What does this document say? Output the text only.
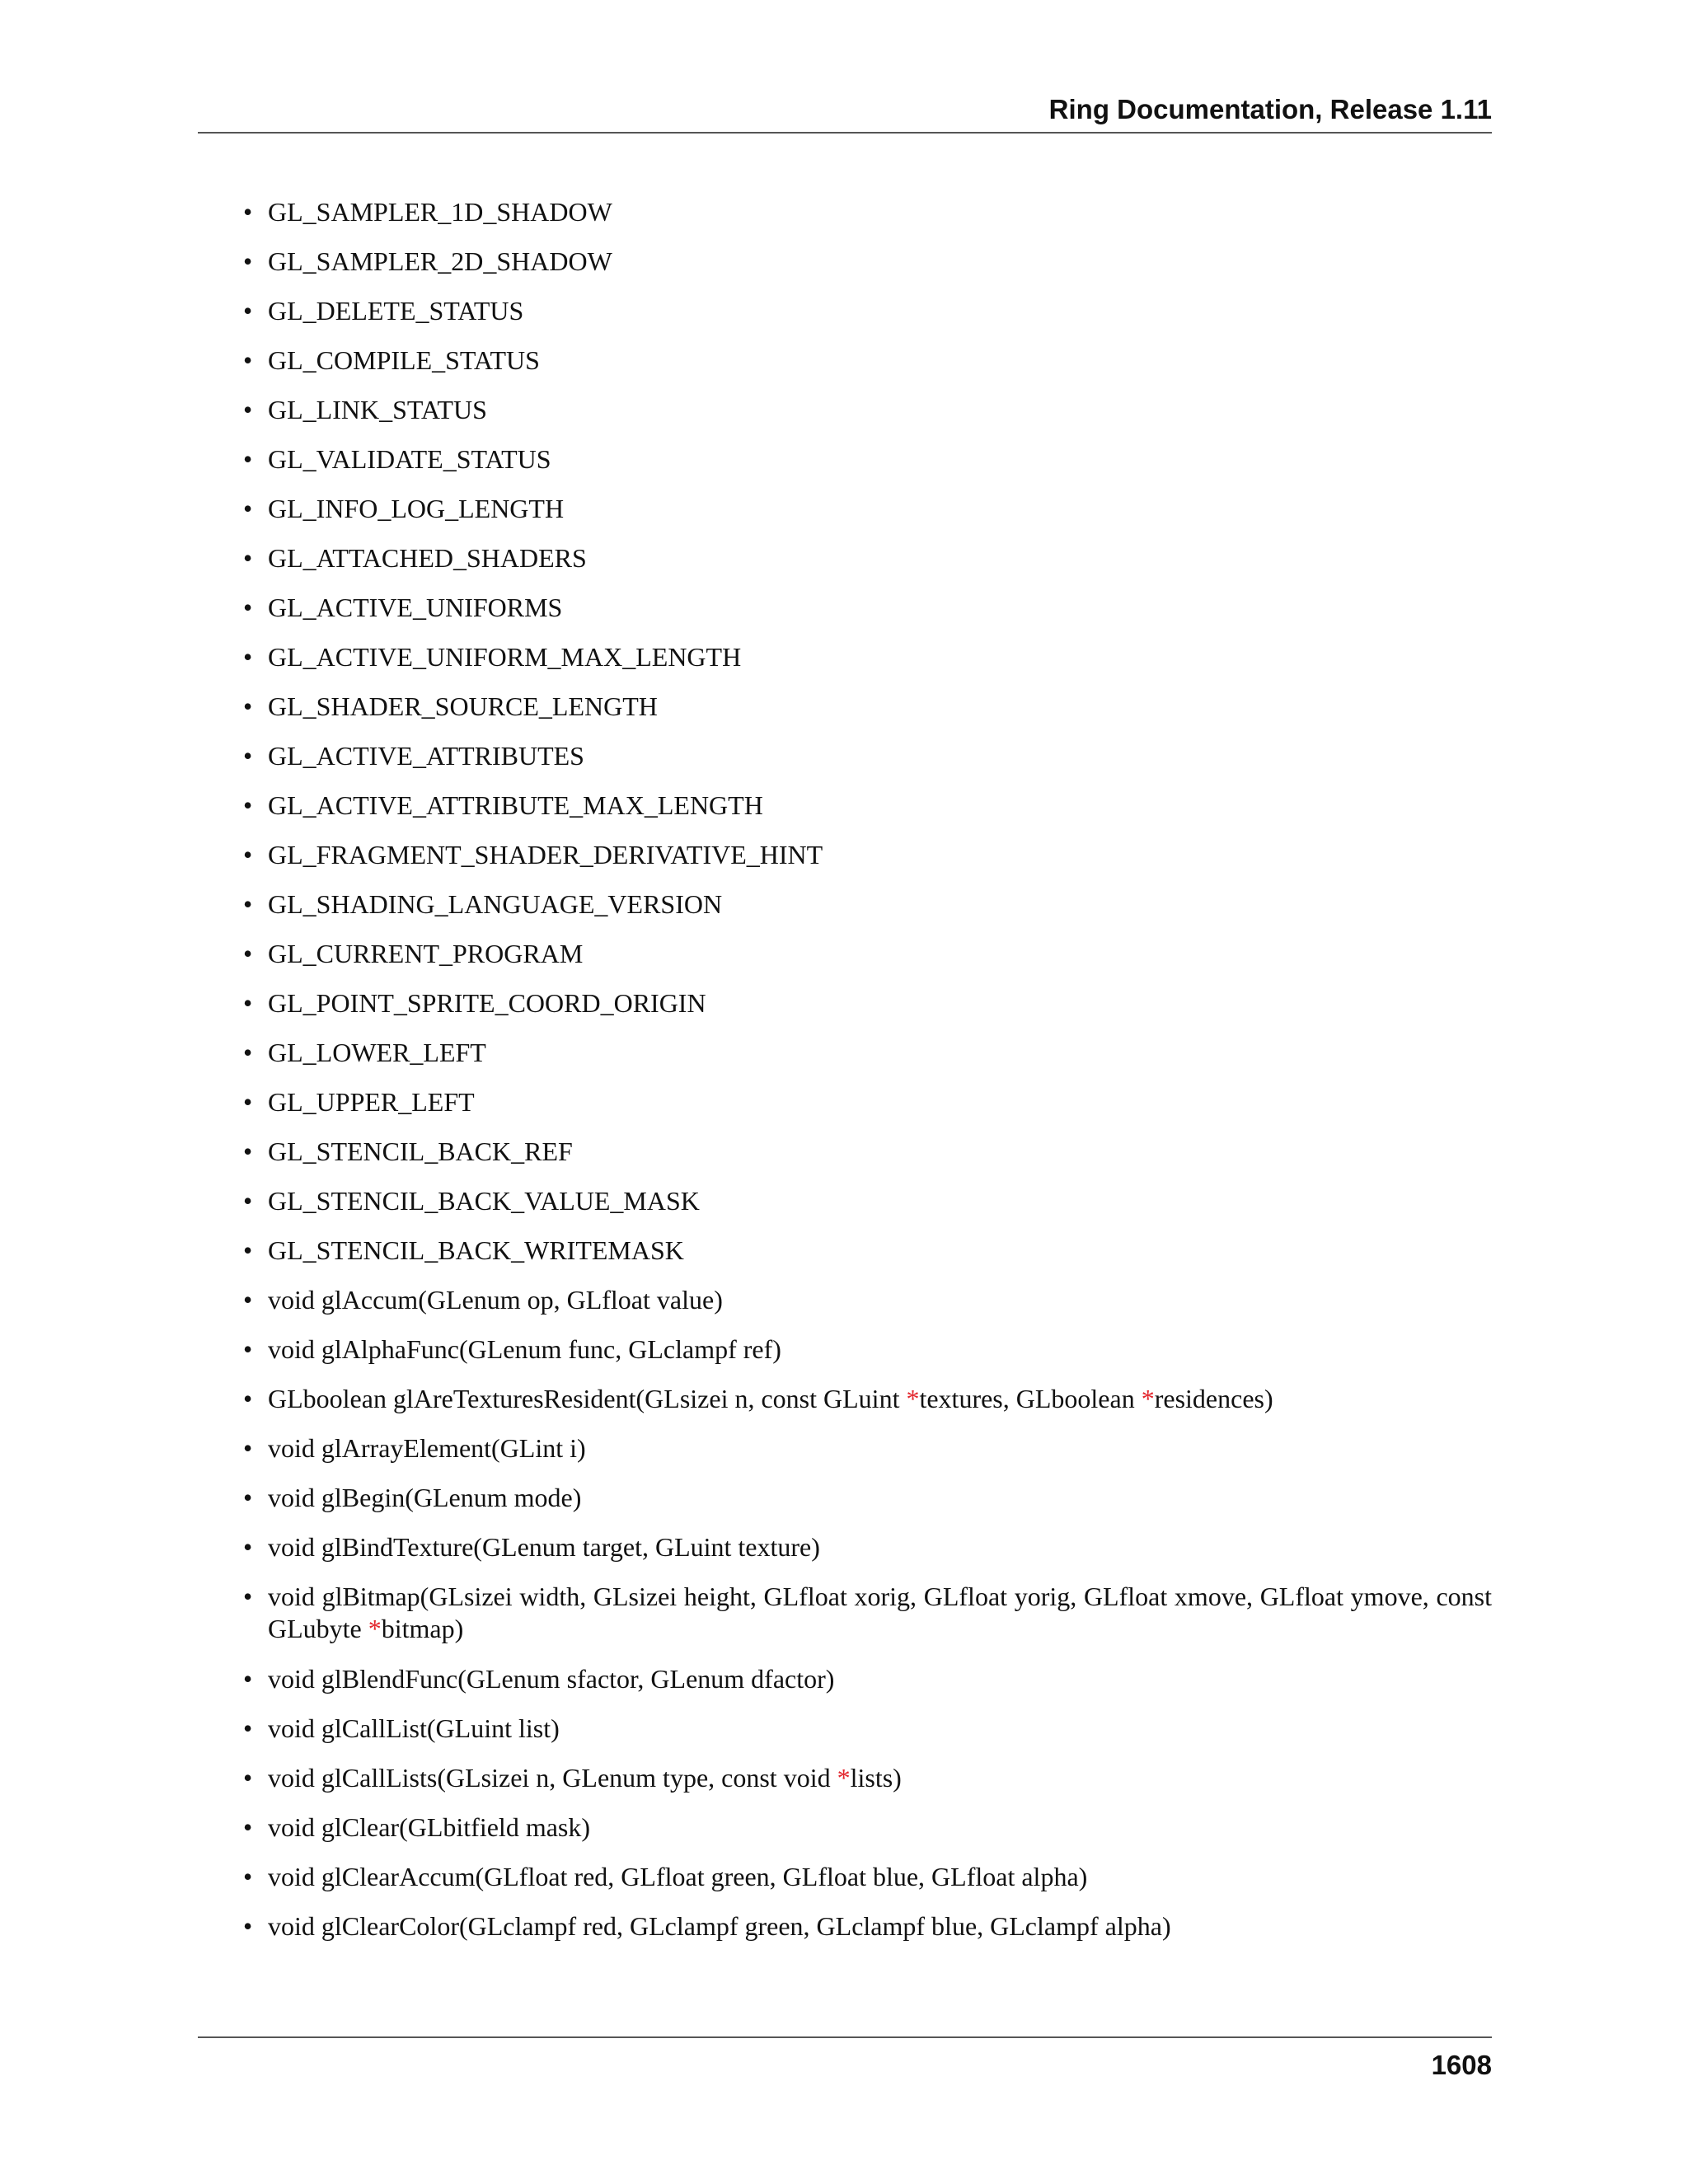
Ring Documentation, Release 1.11
• GL_SAMPLER_1D_SHADOW
• GL_SAMPLER_2D_SHADOW
• GL_DELETE_STATUS
• GL_COMPILE_STATUS
• GL_LINK_STATUS
• GL_VALIDATE_STATUS
• GL_INFO_LOG_LENGTH
• GL_ATTACHED_SHADERS
• GL_ACTIVE_UNIFORMS
• GL_ACTIVE_UNIFORM_MAX_LENGTH
• GL_SHADER_SOURCE_LENGTH
• GL_ACTIVE_ATTRIBUTES
• GL_ACTIVE_ATTRIBUTE_MAX_LENGTH
• GL_FRAGMENT_SHADER_DERIVATIVE_HINT
• GL_SHADING_LANGUAGE_VERSION
• GL_CURRENT_PROGRAM
• GL_POINT_SPRITE_COORD_ORIGIN
• GL_LOWER_LEFT
• GL_UPPER_LEFT
• GL_STENCIL_BACK_REF
• GL_STENCIL_BACK_VALUE_MASK
• GL_STENCIL_BACK_WRITEMASK
• void glAccum(GLenum op, GLfloat value)
• void glAlphaFunc(GLenum func, GLclampf ref)
• GLboolean glAreTexturesResident(GLsizei n, const GLuint *textures, GLboolean *residences)
• void glArrayElement(GLint i)
• void glBegin(GLenum mode)
• void glBindTexture(GLenum target, GLuint texture)
• void glBitmap(GLsizei width, GLsizei height, GLfloat xorig, GLfloat yorig, GLfloat xmove, GLfloat ymove, const GLubyte *bitmap)
• void glBlendFunc(GLenum sfactor, GLenum dfactor)
• void glCallList(GLuint list)
• void glCallLists(GLsizei n, GLenum type, const void *lists)
• void glClear(GLbitfield mask)
• void glClearAccum(GLfloat red, GLfloat green, GLfloat blue, GLfloat alpha)
• void glClearColor(GLclampf red, GLclampf green, GLclampf blue, GLclampf alpha)
1608
